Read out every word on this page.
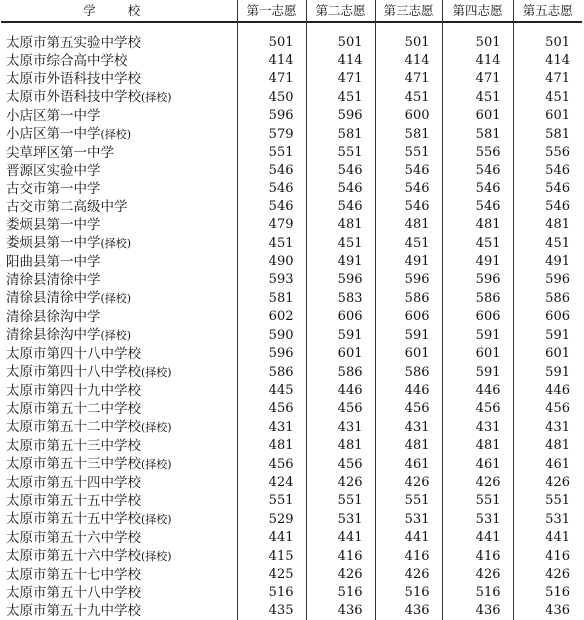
学 校	第一志愿	第二志愿	第三志愿	第四志愿	第五志愿

太原市第五实验中学校	501	501	501	501	501
太原市综合高中学校	414	414	414	414	414
太原市外语科技中学校	471	471	471	471	471
太原市外语科技中学校(择校)	450	451	451	451	451
小店区第一中学	596	596	600	601	601
小店区第一中学(择校)	579	581	581	581	581
尖草坪区第一中学	551	551	551	556	556
晋源区实验中学	546	546	546	546	546
古交市第一中学	546	546	546	546	546
古交市第二高级中学	546	546	546	546	546
娄烦县第一中学	479	481	481	481	481
娄烦县第一中学(择校)	451	451	451	451	451
阳曲县第一中学	490	491	491	491	491
清徐县清徐中学	593	596	596	596	596
清徐县清徐中学(择校)	581	583	586	586	586
清徐县徐沟中学	602	606	606	606	606
清徐县徐沟中学(择校)	590	591	591	591	591
太原市第四十八中学校	596	601	601	601	601
太原市第四十八中学校(择校)	586	586	586	591	591
太原市第四十九中学校	445	446	446	446	446
太原市第五十二中学校	456	456	456	456	456
太原市第五十二中学校(择校)	431	431	431	431	431
太原市第五十三中学校	481	481	481	481	481
太原市第五十三中学校(择校)	456	456	461	461	461
太原市第五十四中学校	424	426	426	426	426
太原市第五十五中学校	551	551	551	551	551
太原市第五十五中学校(择校)	529	531	531	531	531
太原市第五十六中学校	441	441	441	441	441
太原市第五十六中学校(择校)	415	416	416	416	416
太原市第五十七中学校	425	426	426	426	426
太原市第五十八中学校	516	516	516	516	516
太原市第五十九中学校	435	436	436	436	436
